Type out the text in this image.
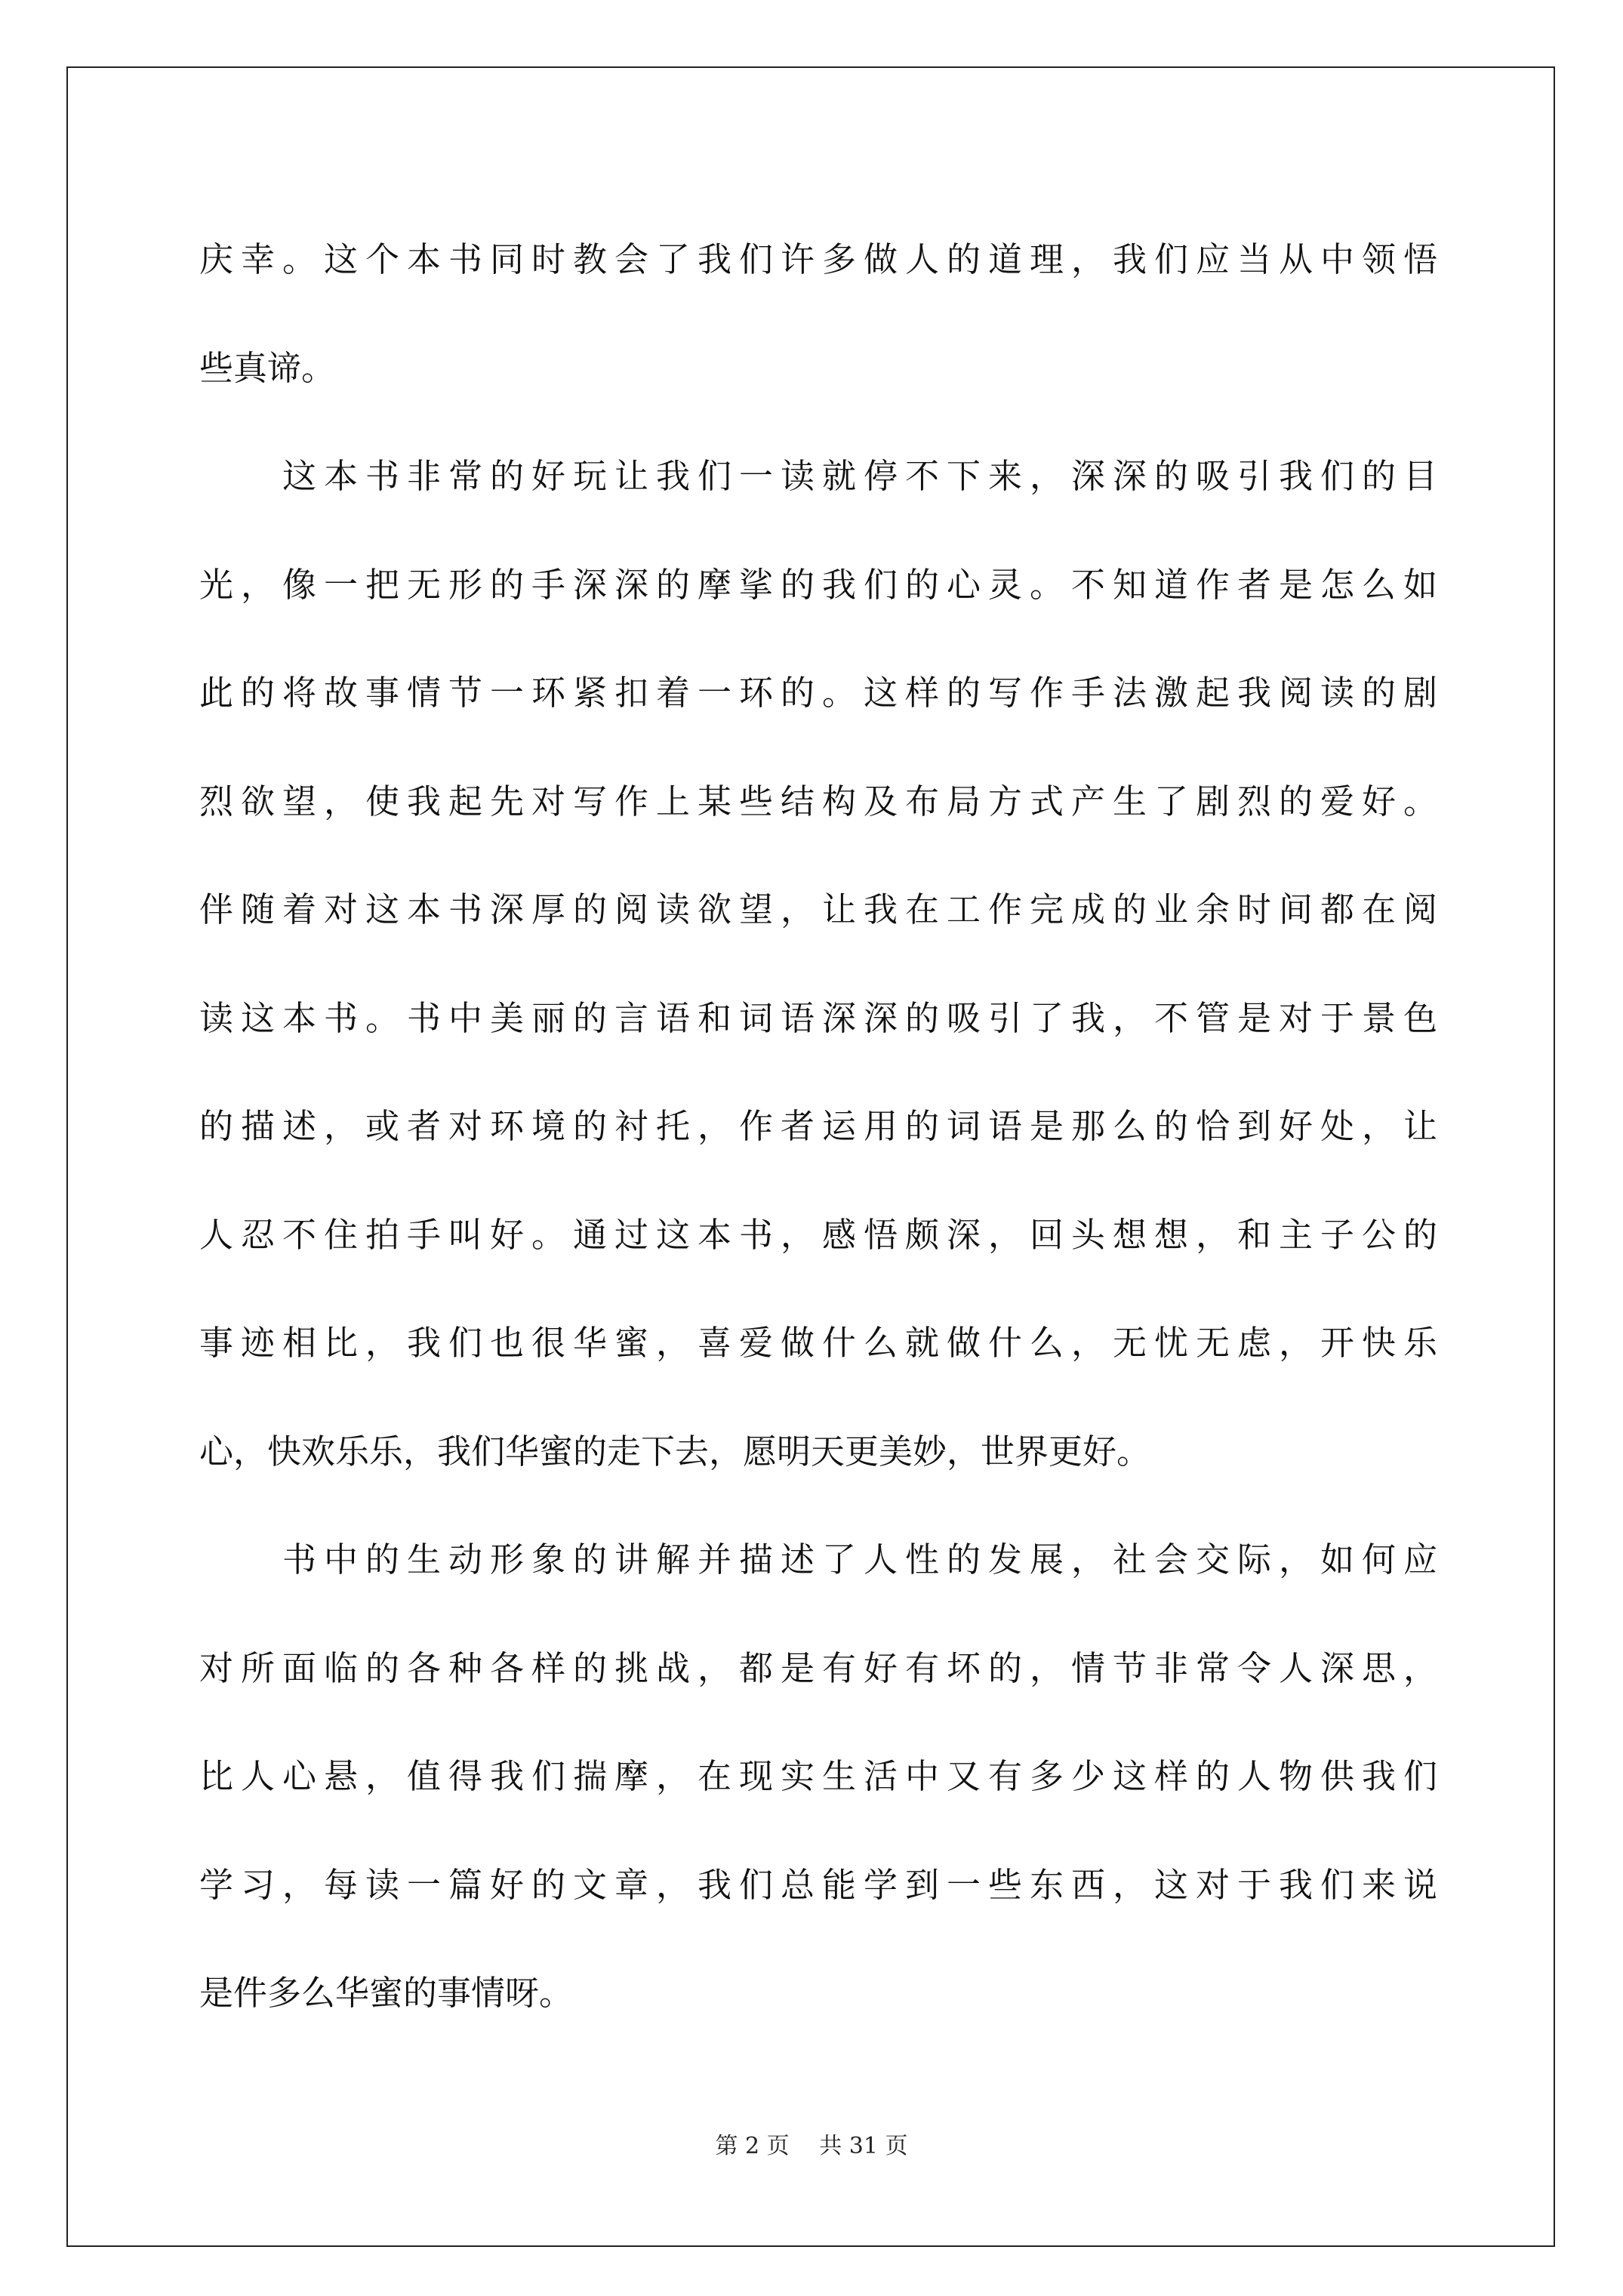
庆幸。这个本书同时教会了我们许多做人的道理，我们应当从中领悟
些真谛。
　　这本书非常的好玩让我们一读就停不下来，深深的吸引我们的目
光，像一把无形的手深深的摩挲的我们的心灵。不知道作者是怎么如
此的将故事情节一环紧扣着一环的。这样的写作手法激起我阅读的剧
烈欲望，使我起先对写作上某些结构及布局方式产生了剧烈的爱好。
伴随着对这本书深厚的阅读欲望，让我在工作完成的业余时间都在阅
读这本书。书中美丽的言语和词语深深的吸引了我，不管是对于景色
的描述，或者对环境的衬托，作者运用的词语是那么的恰到好处，让
人忍不住拍手叫好。通过这本书，感悟颇深，回头想想，和主子公的
事迹相比，我们也很华蜜，喜爱做什么就做什么，无忧无虑，开快乐
心，快欢乐乐，我们华蜜的走下去，愿明天更美妙，世界更好。
　　书中的生动形象的讲解并描述了人性的发展，社会交际，如何应
对所面临的各种各样的挑战，都是有好有坏的，情节非常令人深思，
比人心悬，值得我们揣摩，在现实生活中又有多少这样的人物供我们
学习，每读一篇好的文章，我们总能学到一些东西，这对于我们来说
是件多么华蜜的事情呀。
第 2 页　 共 31 页
